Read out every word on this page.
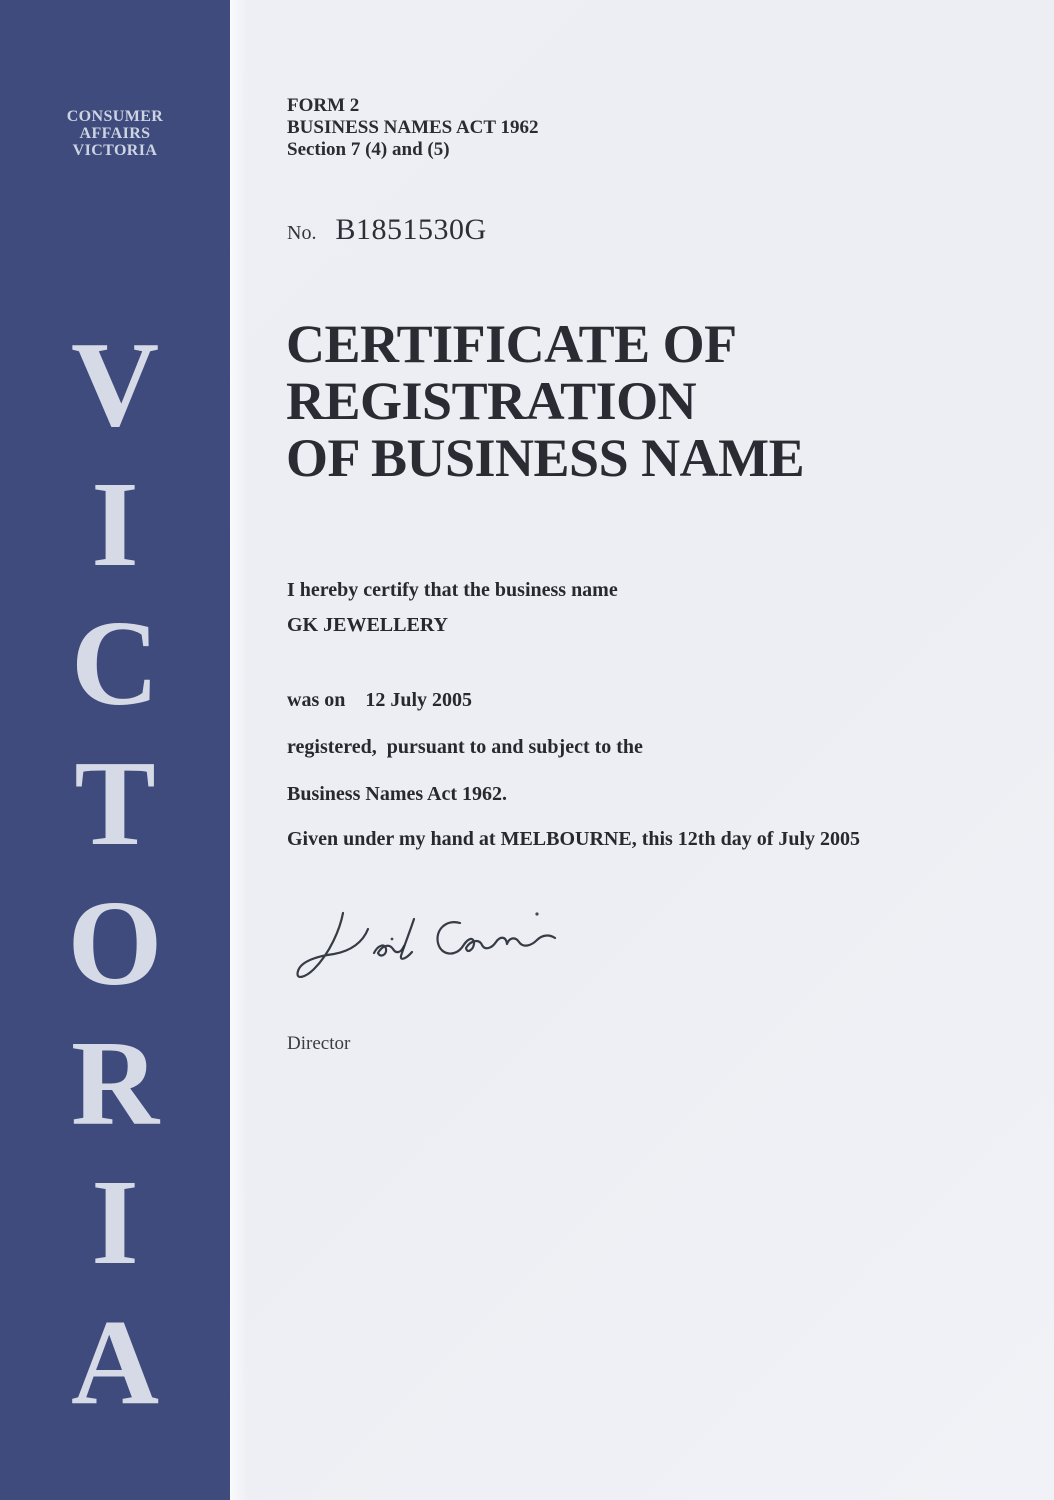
CONSUMER
AFFAIRS
VICTORIA
V
I
C
T
O
R
I
A
FORM 2
BUSINESS NAMES ACT 1962
Section 7 (4) and (5)
No. B1851530G
CERTIFICATE OF
REGISTRATION
OF BUSINESS NAME

I hereby certify that the business name

GK JEWELLERY

was on 12 July 2005

registered,  pursuant to and subject to the

Business Names Act 1962.

Given under my hand at MELBOURNE, this 12th day of July 2005

Director
